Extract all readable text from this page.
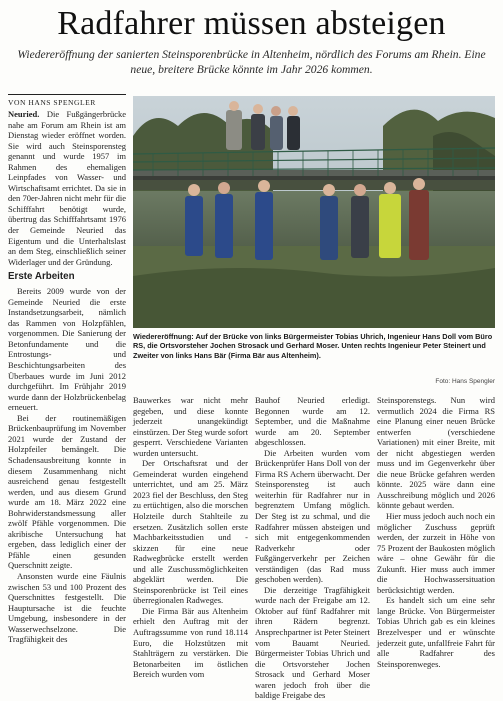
Radfahrer müssen absteigen
Wiedereröffnung der sanierten Steinsporenbrücke in Altenheim, nördlich des Forums am Rhein. Eine neue, breitere Brücke könnte im Jahr 2026 kommen.
VON HANS SPENGLER

Neuried. Die Fußgängerbrücke nahe am Forum am Rhein ist am Dienstag wieder eröffnet worden. Sie wird auch Steinsporensteg genannt und wurde 1957 im Rahmen des ehemaligen Leinpfades von Wasser- und Wirtschaftsamt errichtet. Da sie in den 70er-Jahren nicht mehr für die Schifffahrt benötigt wurde, übertrug das Schifffahrtsamt 1976 der Gemeinde Neuried das Eigentum und die Unterhaltslast an dem Steg, einschließlich seiner Widerlager und der Gründung.

Erste Arbeiten

Bereits 2009 wurde von der Gemeinde Neuried die erste Instandsetzungsarbeit, nämlich das Rammen von Holzpfählen, vorgenommen. Die Sanierung der Betonfundamente und die Entrostungs- und Beschichtungsarbeiten des Überbaues wurde im Juni 2012 durchgeführt. Im Frühjahr 2019 wurde dann der Holzbrückenbelag erneuert.

Bei der routinemäßigen Brückenbauprüfung im November 2021 wurde der Zustand der Holzpfeiler bemängelt. Die Schadensausbreitung konnte in diesem Zusammenhang nicht ausreichend genau festgestellt werden, und aus diesem Grund wurde am 18. März 2022 eine Bohrwiderstandsmessung aller zwölf Pfähle vorgenommen. Die akribische Untersuchung hat ergeben, dass lediglich einer der Pfähle einen gesunden Querschnitt zeigte.

Ansonsten wurde eine Fäulnis zwischen 53 und 100 Prozent des Querschnittes festgestellt. Die Hauptursache ist die feuchte Umgebung, insbesondere in der Wasserwechselzone. Die Tragfähigkeit des

Wiedereröffnung: Auf der Brücke von links Bürgermeister Tobias Uhrich, Ingenieur Hans Doll vom Büro RS, die Ortsvorsteher Jochen Strosack und Gerhard Moser. Unten rechts Ingenieur Peter Steinert und Zweiter von links Hans Bär (Firma Bär aus Altenheim).
Foto: Hans Spengler

Bauwerkes war nicht mehr gegeben, und diese konnte jederzeit unangekündigt einstürzen. Der Steg wurde sofort gesperrt. Verschiedene Varianten wurden untersucht.

Der Ortschaftsrat und der Gemeinderat wurden eingehend unterrichtet, und am 25. März 2023 fiel der Beschluss, den Steg zu ertüchtigen, also die morschen Holzteile durch Stahlteile zu ersetzen. Zusätzlich sollen erste Machbarkeitsstudien und -skizzen für eine neue Radwegbrücke erstellt werden und alle Zuschussmöglichkeiten abgeklärt werden. Die Steinsporenbrücke ist Teil eines überregionalen Radweges.

Die Firma Bär aus Altenheim erhielt den Auftrag mit der Auftragssumme von rund 18.114 Euro, die Holzstützen mit Stahlträgern zu verstärken. Die Betonarbeiten im östlichen Bereich wurden vom

Bauhof Neuried erledigt. Begonnen wurde am 12. September, und die Maßnahme wurde am 20. September abgeschlossen.

Die Arbeiten wurden vom Brückenprüfer Hans Doll von der Firma RS Achern überwacht. Der Steinsporensteg ist auch weiterhin für Radfahrer nur in begrenztem Umfang möglich. Der Steg ist zu schmal, und die Radfahrer müssen absteigen und sich mit entgegenkommenden Radverkehr oder Fußgängerverkehr per Zeichen verständigen (das Rad muss geschoben werden).

Die derzeitige Tragfähigkeit wurde nach der Freigabe am 12. Oktober auf fünf Radfahrer mit ihren Rädern begrenzt. Ansprechpartner ist Peter Steinert vom Bauamt Neuried. Bürgermeister Tobias Uhrich und die Ortsvorsteher Jochen Strosack und Gerhard Moser waren jedoch froh über die baldige Freigabe des

Steinsporenstegs. Nun wird vermutlich 2024 die Firma RS eine Planung einer neuen Brücke entwerfen (verschiedene Variationen) mit einer Breite, mit der nicht abgestiegen werden muss und im Gegenverkehr über die neue Brücke gefahren werden könnte. 2025 wäre dann eine Ausschreibung möglich und 2026 könnte gebaut werden.

Hier muss jedoch auch noch ein möglicher Zuschuss geprüft werden, der zurzeit in Höhe von 75 Prozent der Baukosten möglich wäre – ohne Gewähr für die Zukunft. Hier muss auch immer die Hochwassersituation berücksichtigt werden.

Es handelt sich um eine sehr lange Brücke. Von Bürgermeister Tobias Uhrich gab es ein kleines Brezelvesper und er wünschte jederzeit gute, unfallfreie Fahrt für alle Radfahrer des Steinsporenweges.
